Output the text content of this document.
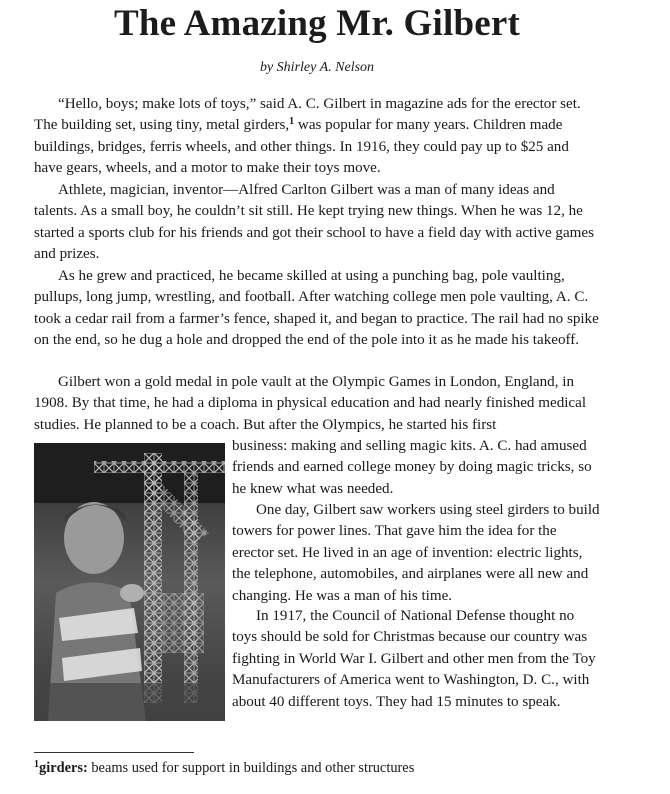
The Amazing Mr. Gilbert
by Shirley A. Nelson

“Hello, boys; make lots of toys,” said A. C. Gilbert in magazine ads for the erector set. The building set, using tiny, metal girders,$^1$ was popular for many years. Children made buildings, bridges, ferris wheels, and other things. In 1916, they could pay up to $25 and have gears, wheels, and a motor to make their toys move.

Athlete, magician, inventor—Alfred Carlton Gilbert was a man of many ideas and talents. As a small boy, he couldn’t sit still. He kept trying new things. When he was 12, he started a sports club for his friends and got their school to have a field day with active games and prizes.

As he grew and practiced, he became skilled at using a punching bag, pole vaulting, pullups, long jump, wrestling, and football. After watching college men pole vaulting, A. C. took a cedar rail from a farmer’s fence, shaped it, and began to practice. The rail had no spike on the end, so he dug a hole and dropped the end of the pole into it as he made his takeoff.

Gilbert won a gold medal in pole vault at the Olympic Games in London, England, in 1908. By that time, he had a diploma in physical education and had nearly finished medical studies. He planned to be a coach. But after the Olympics, he started his first

business: making and selling magic kits. A. C. had amused friends and earned college money by doing magic tricks, so he knew what was needed.

One day, Gilbert saw workers using steel girders to build towers for power lines. That gave him the idea for the erector set. He lived in an age of invention: electric lights, the telephone, automobiles, and airplanes were all new and changing. He was a man of his time.

In 1917, the Council of National Defense thought no toys should be sold for Christmas because our country was fighting in World War I. Gilbert and other men from the Toy Manufacturers of America went to Washington, D. C., with about 40 different toys. They had 15 minutes to speak.

$^1$girders: beams used for support in buildings and other structures
